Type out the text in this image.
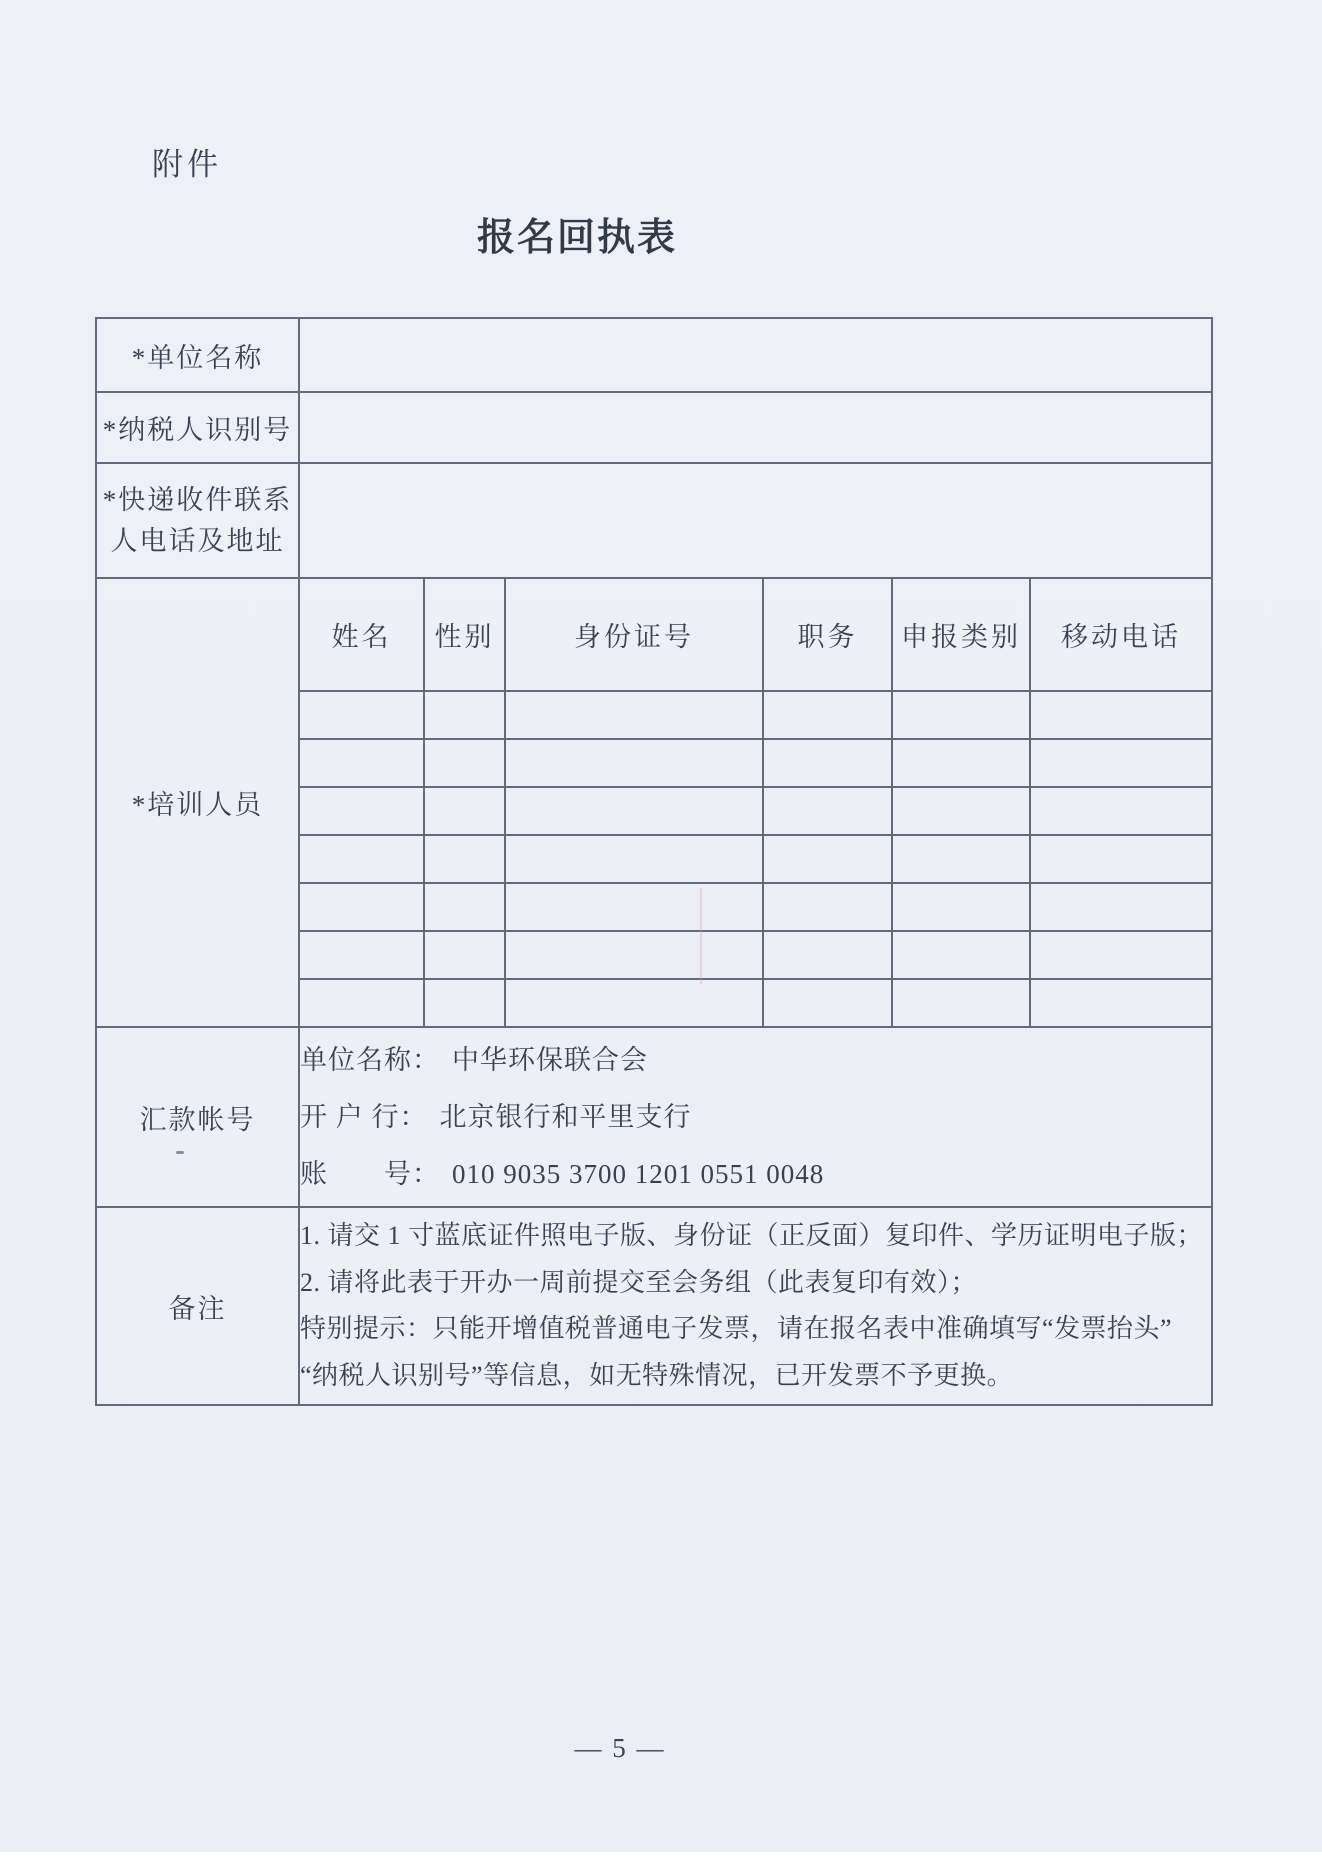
附件
报名回执表
*单位名称						
*纳税人识别号						

*快递收件联系
人电话及地址						

*培训人员	姓名	性别	身份证号	职务	申报类别	移动电话

汇款帐号	单位名称： 中华环保联合会
开 户 行： 北京银行和平里支行
账　　号： 010 9035 3700 1201 0551 0048					

备注	1. 请交 1 寸蓝底证件照电子版、身份证（正反面）复印件、学历证明电子版；
2. 请将此表于开办一周前提交至会务组（此表复印有效）；
特别提示：只能开增值税普通电子发票，请在报名表中准确填写“发票抬头”
“纳税人识别号”等信息，如无特殊情况，已开发票不予更换。					
— 5 —
